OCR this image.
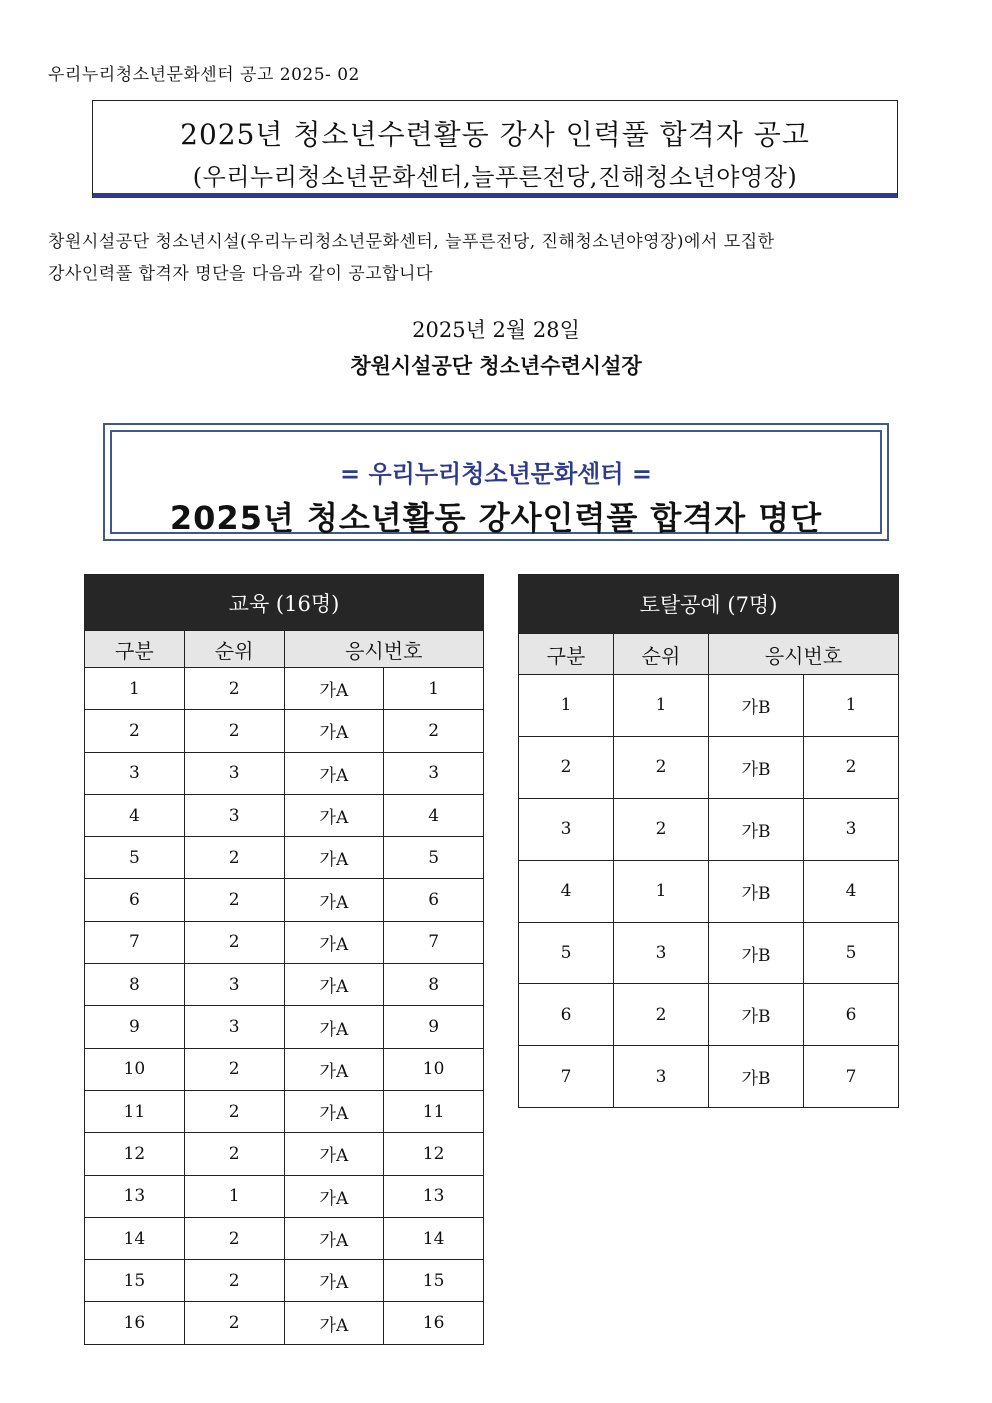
우리누리청소년문화센터 공고 2025- 02
2025년 청소년수련활동 강사 인력풀 합격자 공고
(우리누리청소년문화센터,늘푸른전당,진해청소년야영장)
창원시설공단 청소년시설(우리누리청소년문화센터, 늘푸른전당, 진해청소년야영장)에서 모집한
강사인력풀 합격자 명단을 다음과 같이 공고합니다
2025년 2월 28일
창원시설공단 청소년수련시설장
= 우리누리청소년문화센터 =
2025년 청소년활동 강사인력풀 합격자 명단
교육 (16명)			
구분	순위	응시번호	
1	2	가A	1
2	2	가A	2
3	3	가A	3
4	3	가A	4
5	2	가A	5
6	2	가A	6
7	2	가A	7
8	3	가A	8
9	3	가A	9
10	2	가A	10
11	2	가A	11
12	2	가A	12
13	1	가A	13
14	2	가A	14
15	2	가A	15
16	2	가A	16
토탈공예 (7명)			
구분	순위	응시번호	
1	1	가B	1
2	2	가B	2
3	2	가B	3
4	1	가B	4
5	3	가B	5
6	2	가B	6
7	3	가B	7
